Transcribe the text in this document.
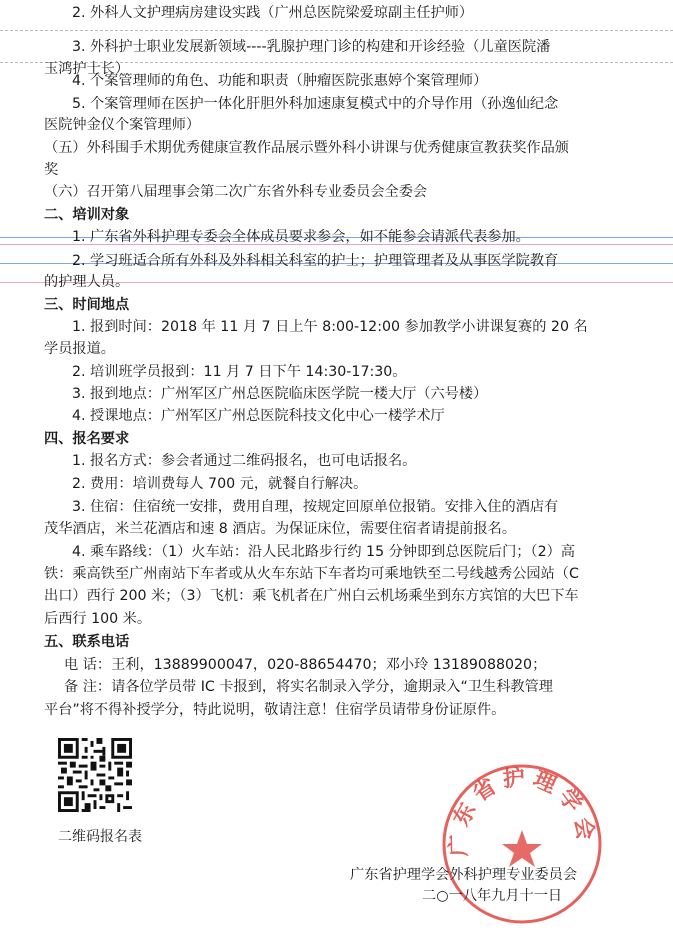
2. 外科人文护理病房建设实践（广州总医院梁爱琼副主任护师）
3. 外科护士职业发展新领域----乳腺护理门诊的构建和开诊经验（儿童医院潘
玉鸿护士长）
4. 个案管理师的角色、功能和职责（肿瘤医院张惠婷个案管理师）
5. 个案管理师在医护一体化肝胆外科加速康复模式中的介导作用（孙逸仙纪念
医院钟金仪个案管理师）
（五）外科围手术期优秀健康宣教作品展示暨外科小讲课与优秀健康宣教获奖作品颁
奖
（六）召开第八届理事会第二次广东省外科专业委员会全委会
二、培训对象
1. 广东省外科护理专委会全体成员要求参会，如不能参会请派代表参加。
2. 学习班适合所有外科及外科相关科室的护士；护理管理者及从事医学院教育
的护理人员。
三、时间地点
1. 报到时间：2018 年 11 月 7 日上午 8:00-12:00 参加教学小讲课复赛的 20 名
学员报道。
2. 培训班学员报到：11 月 7 日下午 14:30-17:30。
3. 报到地点：广州军区广州总医院临床医学院一楼大厅（六号楼）
4. 授课地点：广州军区广州总医院科技文化中心一楼学术厅
四、报名要求
1. 报名方式：参会者通过二维码报名，也可电话报名。
2. 费用：培训费每人 700 元，就餐自行解决。
3. 住宿：住宿统一安排，费用自理，按规定回原单位报销。安排入住的酒店有
茂华酒店，米兰花酒店和速 8 酒店。为保证床位，需要住宿者请提前报名。
4. 乘车路线：（1）火车站：沿人民北路步行约 15 分钟即到总医院后门；（2）高
铁：乘高铁至广州南站下车者或从火车东站下车者均可乘地铁至二号线越秀公园站（C
出口）西行 200 米；（3）飞机：乘飞机者在广州白云机场乘坐到东方宾馆的大巴下车
后西行 100 米。
五、联系电话
电 话：王利，13889900047，020-88654470；邓小玲 13189088020；
备 注：请各位学员带 IC 卡报到，将实名制录入学分，逾期录入“卫生科教管理
平台”将不得补授学分，特此说明，敬请注意！住宿学员请带身份证原件。
二维码报名表	广东省护理学会
广东省护理学会外科护理专业委员会
二○一八年九月十一日
